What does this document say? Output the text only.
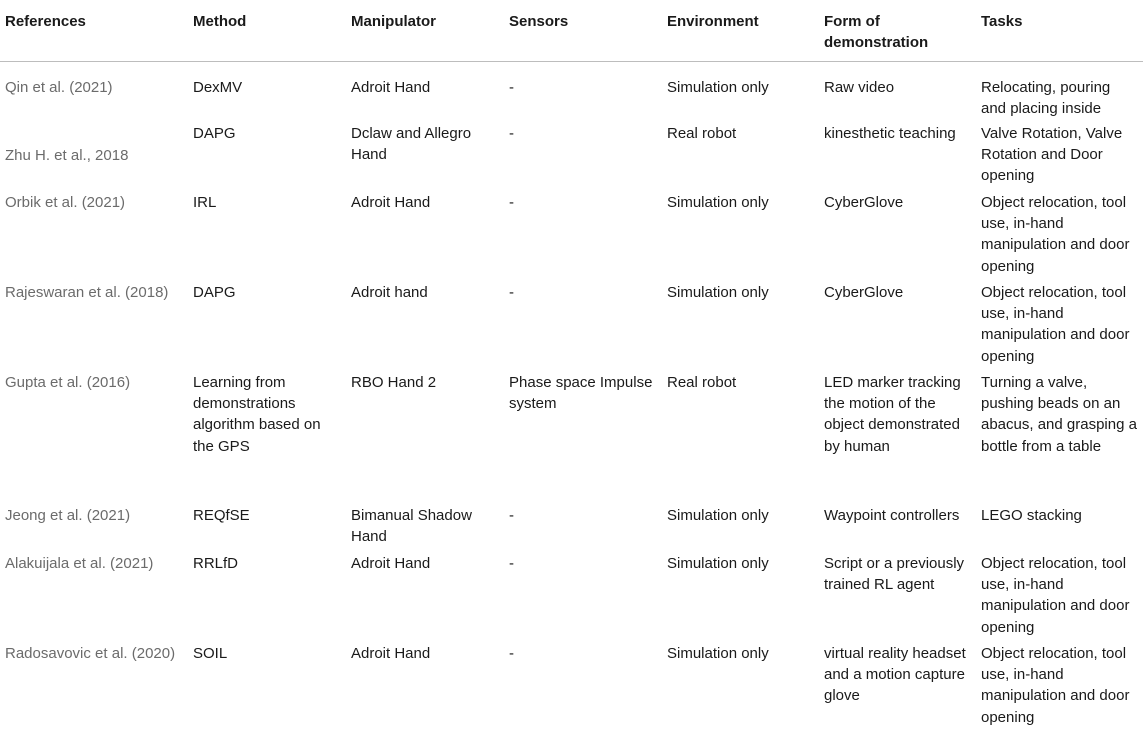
References	Method	Manipulator	Sensors	Environment	Form of demonstration	Tasks
Qin et al. (2021)	DexMV	Adroit Hand	-	Simulation only	Raw video	Relocating, pouring and placing inside
Zhu H. et al., 2018	DAPG	Dclaw and Allegro Hand	-	Real robot	kinesthetic teaching	Valve Rotation, Valve Rotation and Door opening
Orbik et al. (2021)	IRL	Adroit Hand	-	Simulation only	CyberGlove	Object relocation, tool use, in-hand manipulation and door opening
Rajeswaran et al. (2018)	DAPG	Adroit hand	-	Simulation only	CyberGlove	Object relocation, tool use, in-hand manipulation and door opening
Gupta et al. (2016)	Learning from demonstrations algorithm based on the GPS	RBO Hand 2	Phase space Impulse system	Real robot	LED marker tracking the motion of the object demonstrated by human	Turning a valve, pushing beads on an abacus, and grasping a bottle from a table
Jeong et al. (2021)	REQfSE	Bimanual Shadow Hand	-	Simulation only	Waypoint controllers	LEGO stacking
Alakuijala et al. (2021)	RRLfD	Adroit Hand	-	Simulation only	Script or a previously trained RL agent	Object relocation, tool use, in-hand manipulation and door opening
Radosavovic et al. (2020)	SOIL	Adroit Hand	-	Simulation only	virtual reality headset and a motion capture glove	Object relocation, tool use, in-hand manipulation and door opening
